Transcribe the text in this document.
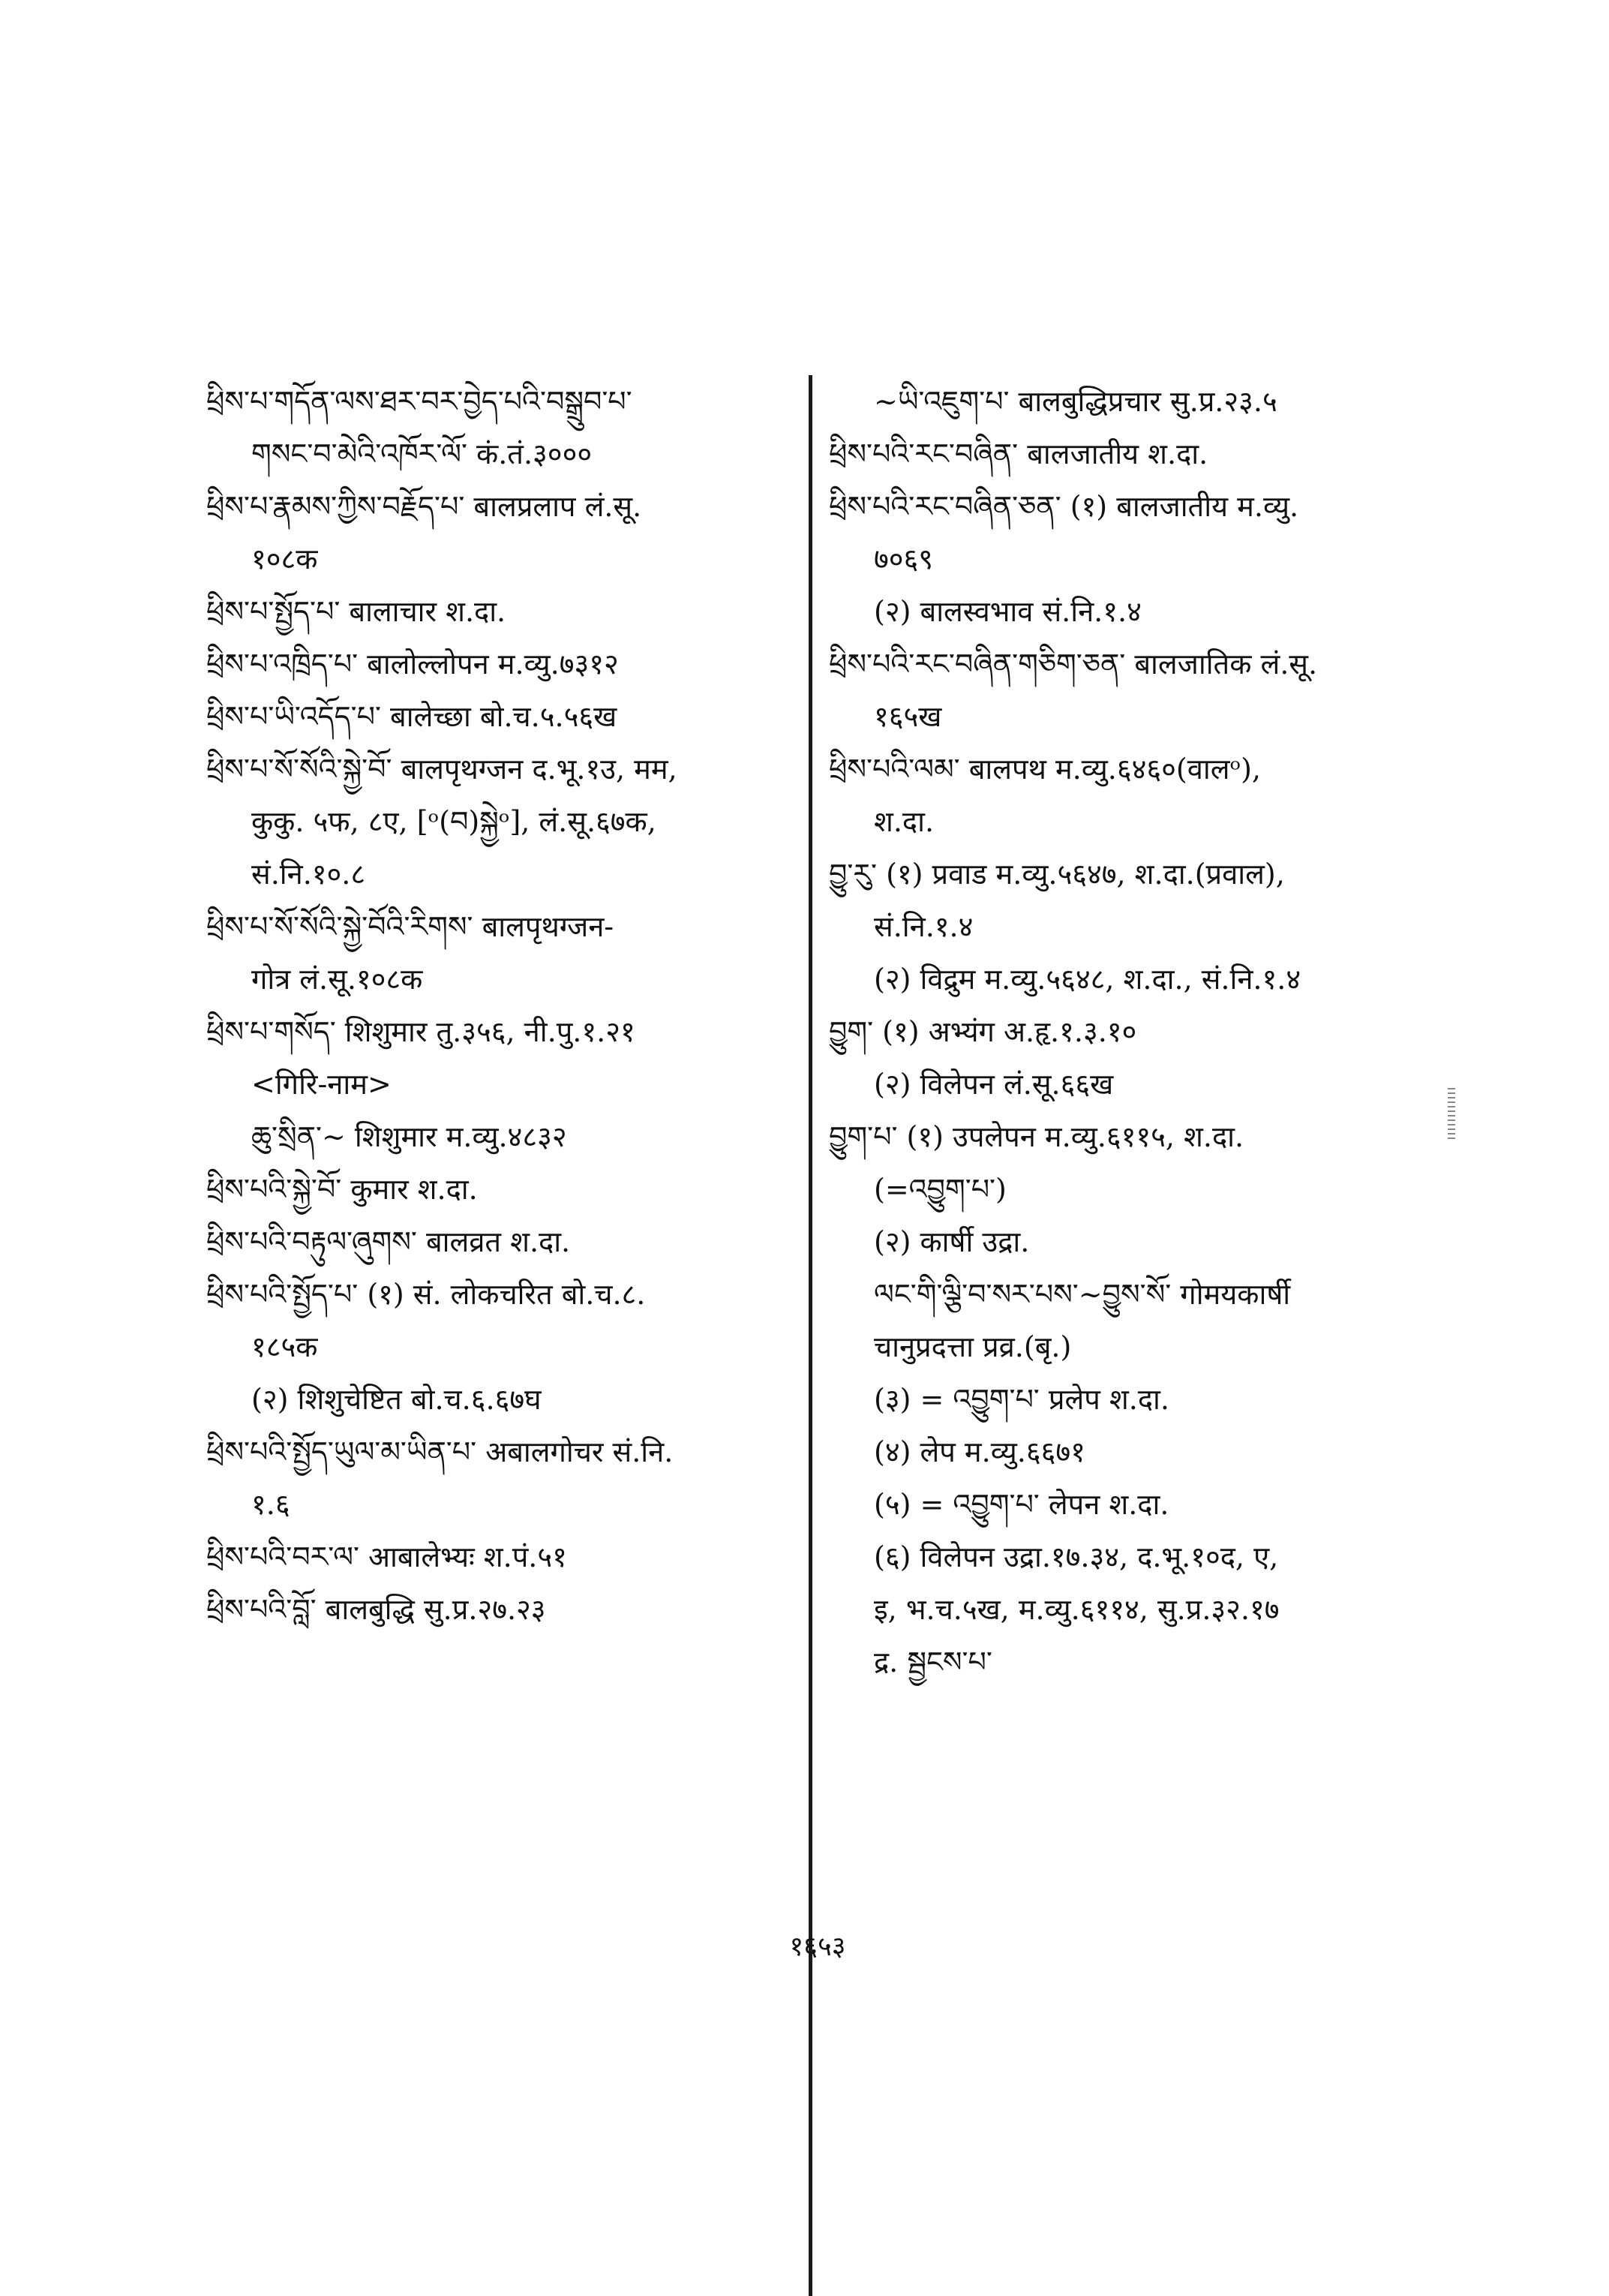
ཕྲིས་པ་གདོན་ལས་ཐར་བར་བྱེད་པའི་བསྒྲུབ་པ་
གསང་བ་མེའི་འཁོར་ལོ་ कं.तं.३०००
ཕྲིས་པ་རྣམས་ཀྱིས་བརྗོད་པ་ बालप्रलाप लं.सू.
१०८क
ཕྲིས་པ་སྤྱོད་པ་ बालाचार श.दा.
ཕྲིས་པ་འཁྲིད་པ་ बालोल्लोपन म.व्यु.७३१२
ཕྲིས་པ་ཡི་འདོད་པ་ बालेच्छा बो.च.५.५६ख
ཕྲིས་པ་སོ་སོའི་སྐྱེ་བོ་ बालपृथग्जन द.भू.१उ, मम,
कुकु. ५फ, ८ए, [ᵒ(བ)སྐྱེᵒ], लं.सू.६७क,
सं.नि.१०.८
ཕྲིས་པ་སོ་སོའི་སྐྱེ་བོའི་རིགས་ बालपृथग्जन-
गोत्र लं.सू.१०८क
ཕྲིས་པ་གསོད་ शिशुमार तु.३५६, नी.पु.१.२१
<गिरि-नाम>
ཆུ་སྲིན་~ शिशुमार म.व्यु.४८३२
ཕྲིས་པའི་སྐྱེ་བོ་ कुमार श.दा.
ཕྲིས་པའི་བརྟུལ་ཞུགས་ बालव्रत श.दा.
ཕྲིས་པའི་སྤྱོད་པ་ (१) सं. लोकचरित बो.च.८.
१८५क
(२) शिशुचेष्टित बो.च.६.६७घ
ཕྲིས་པའི་སྤྱོད་ཡུལ་མ་ཡིན་པ་ अबालगोचर सं.नि.
१.६
ཕྲིས་པའི་བར་ལ་ आबालेभ्यः श.पं.५१
ཕྲིས་པའི་བློ་ बालबुद्धि सु.प्र.२७.२३
~ཡི་འཇུག་པ་ बालबुद्धिप्रचार सु.प्र.२३.५
ཕྲིས་པའི་རང་བཞིན་ बालजातीय श.दा.
ཕྲིས་པའི་རང་བཞིན་ཅན་ (१) बालजातीय म.व्यु.
७०६९
(२) बालस्वभाव सं.नि.१.४
ཕྲིས་པའི་རང་བཞིན་གཅིག་ཅན་ बालजातिक लं.सू.
१६५ख
ཕྲིས་པའི་ལམ་ बालपथ म.व्यु.६४६०(वालᵒ),
श.दा.
བྱུ་རུ་ (१) प्रवाड म.व्यु.५६४७, श.दा.(प्रवाल),
सं.नि.१.४
(२) विद्रुम म.व्यु.५६४८, श.दा., सं.नि.१.४
བྱུག་ (१) अभ्यंग अ.हृ.१.३.१०
(२) विलेपन लं.सू.६६ख
བྱུག་པ་ (१) उपलेपन म.व्यु.६११५, श.दा.
(=འབྱུག་པ་)
(२) कार्षी उद्रा.
ལང་གི་ལྕི་བ་སར་པས་~བྱུས་སོ་ गोमयकार्षी
चानुप्रदत्ता प्रव्र.(बृ.)
(३) = འབྱུག་པ་ प्रलेप श.दा.
(४) लेप म.व्यु.६६७१
(५) = འབྱུག་པ་ लेपन श.दा.
(६) विलेपन उद्रा.१७.३४, द.भू.१०द, ए,
इ, भ.च.५ख, म.व्यु.६११४, सु.प्र.३२.१७
द्र. སྦྱངས་པ་
१६५३
